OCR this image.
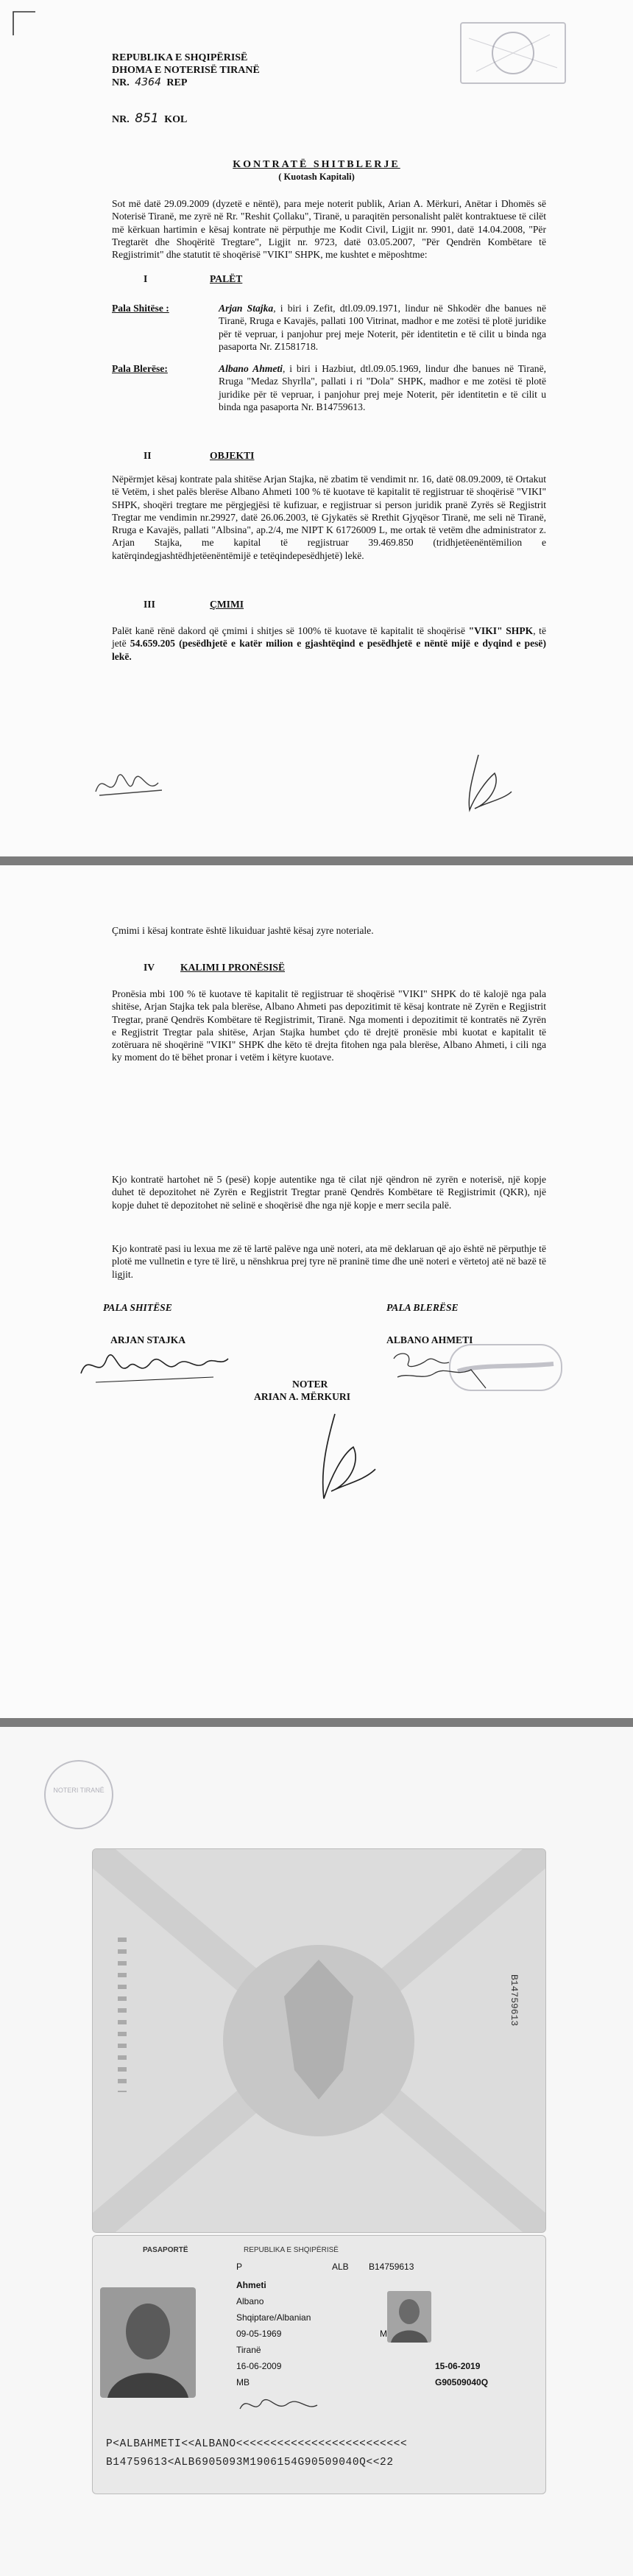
REPUBLIKA E SHQIPËRISË
DHOMA E NOTERISË TIRANË
NR. 4364 REP
NR. 851 KOL
KONTRATË SHITBLERJE
( Kuotash Kapitali)
Sot më datë 29.09.2009 (dyzetë e nëntë), para meje noterit publik, Arian A. Mërkuri, Anëtar i Dhomës së Noterisë Tiranë, me zyrë në Rr. "Reshit Çollaku", Tiranë, u paraqitën personalisht palët kontraktuese të cilët më kërkuan hartimin e kësaj kontrate në përputhje me Kodit Civil, Ligjit nr. 9901, datë 14.04.2008, "Për Tregtarët dhe Shoqëritë Tregtare", Ligjit nr. 9723, datë 03.05.2007, "Për Qendrën Kombëtare të Regjistrimit" dhe statutit të shoqërisë "VIKI" SHPK, me kushtet e mëposhtme:
I	PALËT
Pala Shitëse :	Arjan Stajka, i biri i Zefit, dtl.09.09.1971, lindur në Shkodër dhe banues në Tiranë, Rruga e Kavajës, pallati 100 Vitrinat, madhor e me zotësi të plotë juridike për të vepruar, i panjohur prej meje Noterit, për identitetin e të cilit u binda nga pasaporta Nr. Z1581718.
Pala Blerëse:	Albano Ahmeti, i biri i Hazbiut, dtl.09.05.1969, lindur dhe banues në Tiranë, Rruga "Medaz Shyrlla", pallati i ri "Dola" SHPK, madhor e me zotësi të plotë juridike për të vepruar, i panjohur prej meje Noterit, për identitetin e të cilit u binda nga pasaporta Nr. B14759613.
II	OBJEKTI
Nëpërmjet kësaj kontrate pala shitëse Arjan Stajka, në zbatim të vendimit nr. 16, datë 08.09.2009, të Ortakut të Vetëm, i shet palës blerëse Albano Ahmeti 100 % të kuotave të kapitalit të regjistruar të shoqërisë "VIKI" SHPK, shoqëri tregtare me përgjegjësi të kufizuar, e regjistruar si person juridik pranë Zyrës së Regjistrit Tregtar me vendimin nr.29927, datë 26.06.2003, të Gjykatës së Rrethit Gjyqësor Tiranë, me seli në Tiranë, Rruga e Kavajës, pallati "Albsina", ap.2/4, me NIPT K 61726009 L, me ortak të vetëm dhe administrator z. Arjan Stajka, me kapital të regjistruar 39.469.850 (tridhjetëenëntëmilion e katërqindegjashtëdhjetëenëntëmijë e tetëqindepesëdhjetë) lekë.
III	ÇMIMI
Palët kanë rënë dakord që çmimi i shitjes së 100% të kuotave të kapitalit të shoqërisë "VIKI" SHPK, të jetë 54.659.205 (pesëdhjetë e katër milion e gjashtëqind e pesëdhjetë e nëntë mijë e dyqind e pesë) lekë.
Çmimi i kësaj kontrate është likuiduar jashtë kësaj zyre noteriale.
IV	KALIMI I PRONËSISË
Pronësia mbi 100 % të kuotave të kapitalit të regjistruar të shoqërisë "VIKI" SHPK do të kalojë nga pala shitëse, Arjan Stajka tek pala blerëse, Albano Ahmeti pas depozitimit të kësaj kontrate në Zyrën e Regjistrit Tregtar, pranë Qendrës Kombëtare të Regjistrimit, Tiranë. Nga momenti i depozitimit të kontratës në Zyrën e Regjistrit Tregtar pala shitëse, Arjan Stajka humbet çdo të drejtë pronësie mbi kuotat e kapitalit të zotëruara në shoqërinë "VIKI" SHPK dhe këto të drejta fitohen nga pala blerëse, Albano Ahmeti, i cili nga ky moment do të bëhet pronar i vetëm i këtyre kuotave.
Kjo kontratë hartohet në 5 (pesë) kopje autentike nga të cilat një qëndron në zyrën e noterisë, një kopje duhet të depozitohet në Zyrën e Regjistrit Tregtar pranë Qendrës Kombëtare të Regjistrimit (QKR), një kopje duhet të depozitohet në selinë e shoqërisë dhe nga një kopje e merr secila palë.
Kjo kontratë pasi iu lexua me zë të lartë palëve nga unë noteri, ata më deklaruan që ajo është në përputhje të plotë me vullnetin e tyre të lirë, u nënshkrua prej tyre në praninë time dhe unë noteri e vërtetoj atë në bazë të ligjit.
PALA SHITËSE	PALA BLERËSE
ARJAN STAJKA	ALBANO AHMETI
NOTER
ARIAN A. MËRKURI
NOTERI TIRANË
B14759613
PASAPORTË	REPUBLIKA E SHQIPËRISË
P	ALB B14759613
Ahmeti
Albano
Shqiptare/Albanian
09-05-1969	M
Tiranë
16-06-2009	15-06-2019
MB	G90509040Q
P<ALBAHMETI<<ALBANO<<<<<<<<<<<<<<<<<<<<<<<<<
B14759613<ALB6905093M1906154G90509040Q<<22
